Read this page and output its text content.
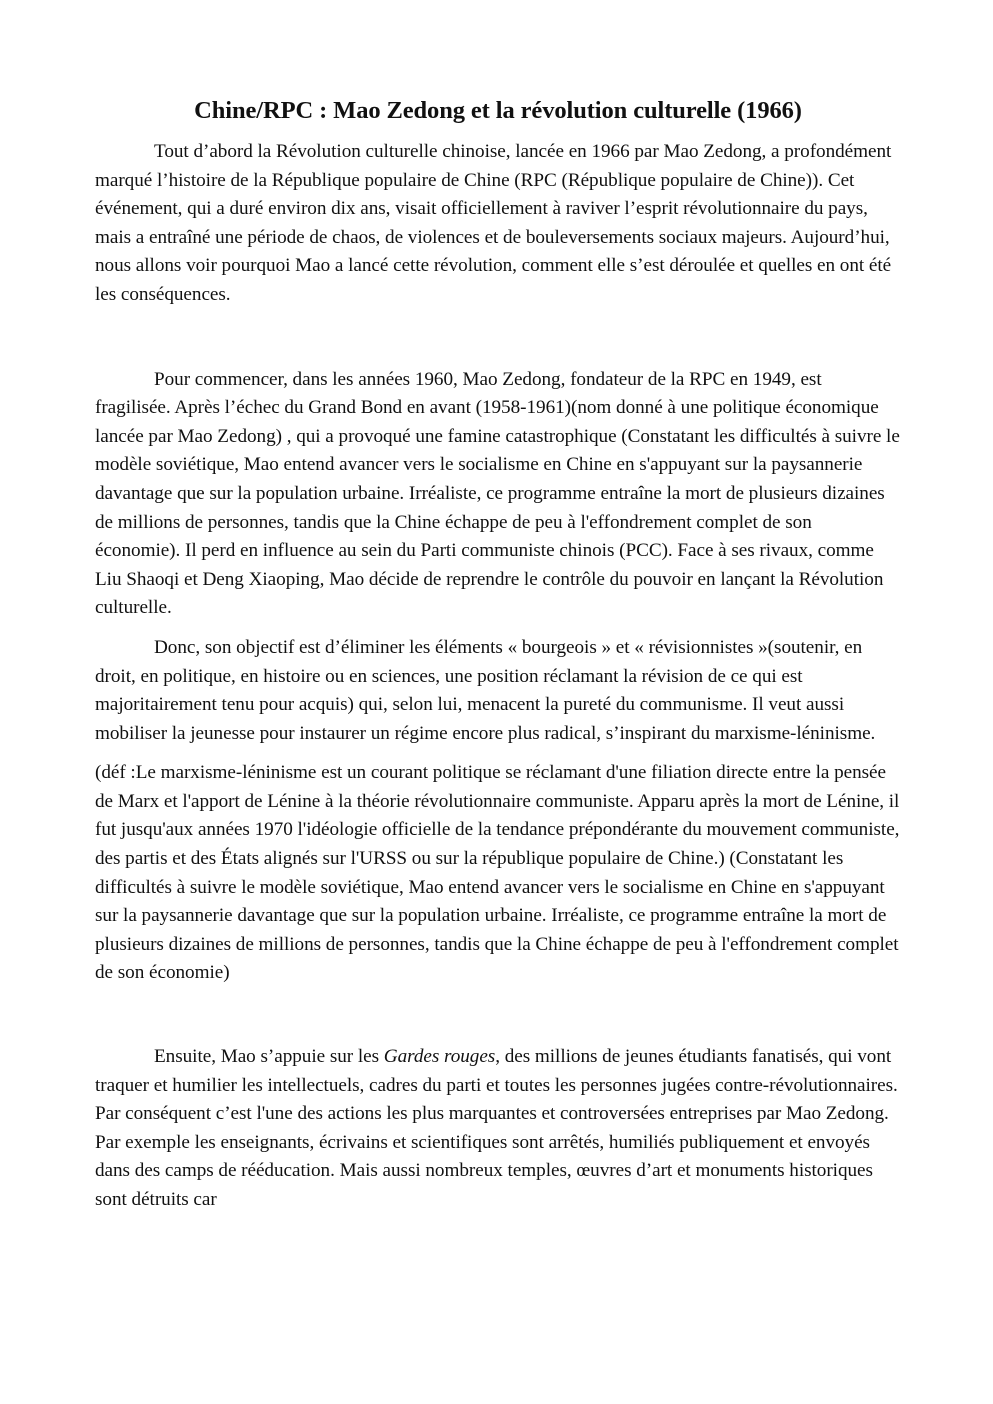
Chine/RPC : Mao Zedong et la révolution culturelle (1966)

Tout d’abord la Révolution culturelle chinoise, lancée en 1966 par Mao Zedong, a profondément marqué l’histoire de la République populaire de Chine (RPC (République populaire de Chine)). Cet événement, qui a duré environ dix ans, visait officiellement à raviver l’esprit révolutionnaire du pays, mais a entraîné une période de chaos, de violences et de bouleversements sociaux majeurs. Aujourd’hui, nous allons voir pourquoi Mao a lancé cette révolution, comment elle s’est déroulée et quelles en ont été les conséquences.

Pour commencer, dans les années 1960, Mao Zedong, fondateur de la RPC en 1949, est fragilisée. Après l’échec du Grand Bond en avant (1958-1961)(nom donné à une politique économique lancée par Mao Zedong) , qui a provoqué une famine catastrophique (Constatant les difficultés à suivre le modèle soviétique, Mao entend avancer vers le socialisme en Chine en s'appuyant sur la paysannerie davantage que sur la population urbaine. Irréaliste, ce programme entraîne la mort de plusieurs dizaines de millions de personnes, tandis que la Chine échappe de peu à l'effondrement complet de son économie). Il perd en influence au sein du Parti communiste chinois (PCC). Face à ses rivaux, comme Liu Shaoqi et Deng Xiaoping, Mao décide de reprendre le contrôle du pouvoir en lançant la Révolution culturelle.

Donc, son objectif est d’éliminer les éléments « bourgeois » et « révisionnistes »(soutenir, en droit, en politique, en histoire ou en sciences, une position réclamant la révision de ce qui est majoritairement tenu pour acquis) qui, selon lui, menacent la pureté du communisme. Il veut aussi mobiliser la jeunesse pour instaurer un régime encore plus radical, s’inspirant du marxisme-léninisme.

(déf :Le marxisme-léninisme est un courant politique se réclamant d'une filiation directe entre la pensée de Marx et l'apport de Lénine à la théorie révolutionnaire communiste. Apparu après la mort de Lénine, il fut jusqu'aux années 1970 l'idéologie officielle de la tendance prépondérante du mouvement communiste, des partis et des États alignés sur l'URSS ou sur la république populaire de Chine.) (Constatant les difficultés à suivre le modèle soviétique, Mao entend avancer vers le socialisme en Chine en s'appuyant sur la paysannerie davantage que sur la population urbaine. Irréaliste, ce programme entraîne la mort de plusieurs dizaines de millions de personnes, tandis que la Chine échappe de peu à l'effondrement complet de son économie)

Ensuite, Mao s’appuie sur les Gardes rouges, des millions de jeunes étudiants fanatisés, qui vont traquer et humilier les intellectuels, cadres du parti et toutes les personnes jugées contre-révolutionnaires. Par conséquent c’est l'une des actions les plus marquantes et controversées entreprises par Mao Zedong. Par exemple les enseignants, écrivains et scientifiques sont arrêtés, humiliés publiquement et envoyés dans des camps de rééducation. Mais aussi nombreux temples, œuvres d’art et monuments historiques sont détruits car
